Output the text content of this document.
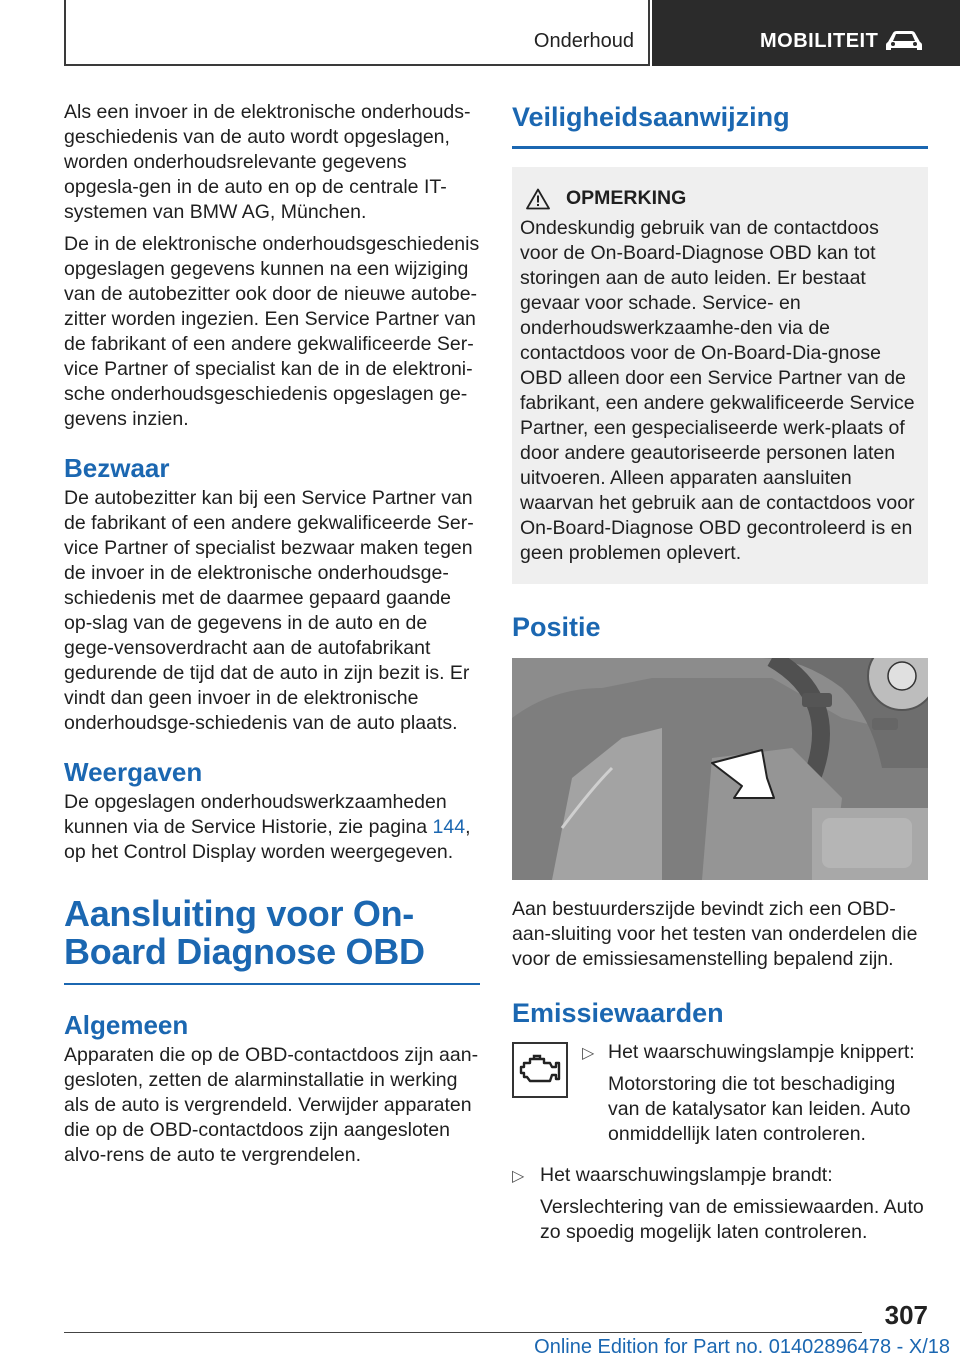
Onderhoud	MOBILITEIT

Als een invoer in de elektronische onderhouds-geschiedenis van de auto wordt opgeslagen, worden onderhoudsrelevante gegevens opgesla-gen in de auto en op de centrale IT-systemen van BMW AG, München.

De in de elektronische onderhoudsgeschiedenis opgeslagen gegevens kunnen na een wijziging van de autobezitter ook door de nieuwe autobe-zitter worden ingezien. Een Service Partner van de fabrikant of een andere gekwalificeerde Ser-vice Partner of specialist kan de in de elektroni-sche onderhoudsgeschiedenis opgeslagen ge-gevens inzien.

Bezwaar

De autobezitter kan bij een Service Partner van de fabrikant of een andere gekwalificeerde Ser-vice Partner of specialist bezwaar maken tegen de invoer in de elektronische onderhoudsge-schiedenis met de daarmee gepaard gaande op-slag van de gegevens in de auto en de gege-vensoverdracht aan de autofabrikant gedurende de tijd dat de auto in zijn bezit is. Er vindt dan geen invoer in de elektronische onderhoudsge-schiedenis van de auto plaats.

Weergaven

De opgeslagen onderhoudswerkzaamheden kunnen via de Service Historie, zie pagina 144, op het Control Display worden weergegeven.

Aansluiting voor On-Board Diagnose OBD
Algemeen

Apparaten die op de OBD-contactdoos zijn aan-gesloten, zetten de alarminstallatie in werking als de auto is vergrendeld. Verwijder apparaten die op de OBD-contactdoos zijn aangesloten alvo-rens de auto te vergrendelen.

Veiligheidsaanwijzing
OPMERKING

Ondeskundig gebruik van de contactdoos voor de On-Board-Diagnose OBD kan tot storingen aan de auto leiden. Er bestaat gevaar voor schade. Service- en onderhoudswerkzaamhe-den via de contactdoos voor de On-Board-Dia-gnose OBD alleen door een Service Partner van de fabrikant, een andere gekwalificeerde Service Partner, een gespecialiseerde werk-plaats of door andere geautoriseerde personen laten uitvoeren. Alleen apparaten aansluiten waarvan het gebruik aan de contactdoos voor On-Board-Diagnose OBD gecontroleerd is en geen problemen oplevert.

Positie

Aan bestuurderszijde bevindt zich een OBD-aan-sluiting voor het testen van onderdelen die voor de emissiesamenstelling bepalend zijn.

Emissiewaarden
▷ Het waarschuwingslampje knippert:
Motorstoring die tot beschadiging van de katalysator kan leiden. Auto onmiddellijk laten controleren.
▷ Het waarschuwingslampje brandt:
Verslechtering van de emissiewaarden. Auto zo spoedig mogelijk laten controleren.
307
Online Edition for Part no. 01402896478 - X/18
